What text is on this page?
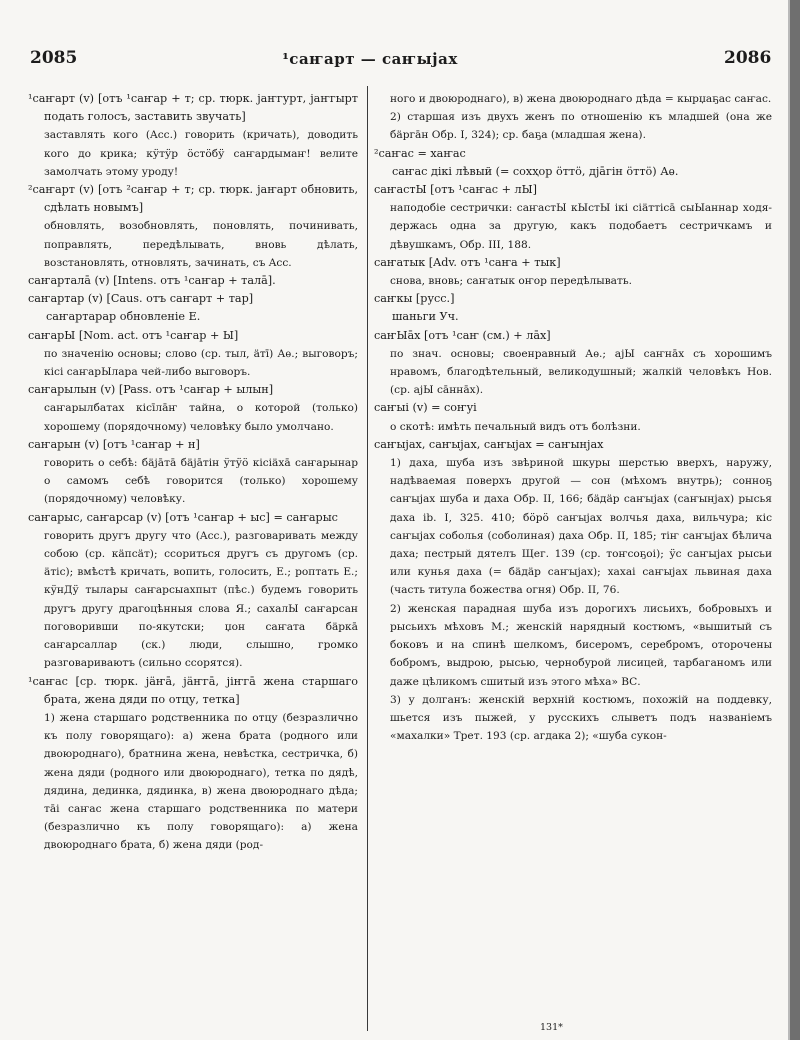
2085	¹саҥарт — саҥыјах	2086

¹саҥарт (v) [отъ ¹саҥар + т; ср. тюрк. јаҥгурт, јаҥгырт подать голосъ, заставить звучать]

заставлять кого (Acc.) говорить (кричать), доводить кого до крика; кӱтӱр ӧстӧбӱ саҥардымаҥ! велите замолчать этому уроду!

²саҥарт (v) [отъ ²саҥар + т; ср. тюрк. јаҥарт обновить, сдѣлать новымъ]

обновлять, возобновлять, поновлять, починивать, поправлять, передѣлывать, вновь дѣлать, возстановлять, отновлять, зачинать, съ Acc.

саҥарталā (v) [Intens. отъ ¹саҥар + талā].

саҥартар (v) [Caus. отъ саҥарт + тар]

саҥартарар обновленіе Е.

саҥарЫ [Nom. act. отъ ¹саҥар + Ы]

по значенію основы; слово (ср. тыл, äтī) Аѳ.; выговоръ; кісі саҥарЫлара чей-либо выговоръ.

саҥарылын (v) [Pass. отъ ¹саҥар + ылын]

саҥарылбатах кісīлāҥ тайна, о которой (только) хорошему (порядочному) человѣку было умолчано.

саҥарын (v) [отъ ¹саҥар + н]

говорить о себѣ: бäјāтā бäјāтін ӱтӱӧ кісіäхā саҥарынар о самомъ себѣ говорится (только) хорошему (порядочному) человѣку.

саҥарыс, саҥарсар (v) [отъ ¹саҥар + ыс] = саҥарыс

говорить другъ другу что (Acc.), разговаривать между собою (ср. кäпсäт); ссориться другъ съ другомъ (ср. äтіс); вмѣстѣ кричать, вопить, голосить, Е.; роптать Е.; кӱнДӱ тылары саҥарсыахпыт (пѣс.) будемъ говорить другъ другу драгоцѣнныя слова Я.; сахалЫ саҥарсан поговоривши по-якутски; џон саҥата бäркā саҥарсаллар (ск.) люди, слышно, громко разговариваютъ (сильно ссорятся).

¹саҥас [ср. тюрк. јäҥā, јäҥгā, јіҥгā жена старшаго брата, жена дяди по отцу, тетка]

1) жена старшаго родственника по отцу (безразлично къ полу говорящаго): а) жена брата (родного или двоюроднаго), братнина жена, невѣстка, сестричка, б) жена дяди (родного или двоюроднаго), тетка по дядѣ, дядина, дединка, дядинка, в) жена двоюроднаго дѣда; тāі саҥас жена старшаго родственника по матери (безразлично къ полу говорящаго): а) жена двоюроднаго брата, б) жена дяди (род-

ного и двоюроднаго), в) жена двоюроднаго дѣда = кырџаҕас саҥас.

2) старшая изъ двухъ женъ по отношенію къ младшей (она же бäргāн Обр. I, 324); ср. баҕа (младшая жена).

²саҥас = хаҥас

саҥас дікі лѣвый (= сохҳор öттö, дјāгін öттö) Аѳ.

саҥастЫ [отъ ¹саҥас + лЫ]

наподобіе сестрички: саҥастЫ кЫстЫ ікі сіäттісā сыЫаннар ходя-держась одна за другую, какъ подобаетъ сестричкамъ и дѣвушкамъ, Обр. III, 188.

саҥатык [Adv. отъ ¹саҥа + тык]

снова, вновь; саҥатык оҥор передѣлывать.

саҥкы [русс.]

шаньги Уч.

саҥЫāх [отъ ¹саҥ (см.) + лāх]

по знач. основы; своенравный Аѳ.; ајЫ саҥнāх съ хорошимъ нравомъ, благодѣтельный, великодушный; жалкій человѣкъ Нов. (ср. ајЫ сāннāх).

саҥыі (v) = соҥуі

о скотѣ: имѣть печальный видъ отъ болѣзни.

саҥыјах, саҥыјах, саҥыјах = саҥынјах

1) даха, шуба изъ звѣриной шкуры шерстью вверхъ, наружу, надѣваемая поверхъ другой — сон (мѣхомъ внутрь); сонноҕ саҥыјах шуба и даха Обр. II, 166; бäдäр саҥыјах (саҥынјах) рысья даха ib. I, 325. 410; бӧрӧ саҥыјах волчья даха, вильчура; кіс саҥыјах соболья (соболиная) даха Обр. II, 185; тіҥ саҥыјах бѣлича даха; пестрый дятелъ Щег. 139 (ср. тоҥсоҕоі); ӱс саҥыјах рысьи или кунья даха (= бäдäр саҥыјах); хахаі саҥыјах львиная даха (часть титула божества огня) Обр. II, 76.

2) женская парадная шуба изъ дорогихъ лисьихъ, бобровыхъ и рысьихъ мѣховъ М.; женскій нарядный костюмъ, «вышитый съ боковъ и на спинѣ шелкомъ, бисеромъ, серебромъ, оторочены бобромъ, выдрою, рысью, чернобурой лисицей, тарбаганомъ или даже цѣликомъ сшитый изъ этого мѣха» ВС.

3) у долганъ: женскій верхній костюмъ, похожій на поддевку, шьется изъ пыжей, у русскихъ слыветъ подъ названіемъ «махалки» Трет. 193 (ср. агдака 2); «шуба сукон-

131*
